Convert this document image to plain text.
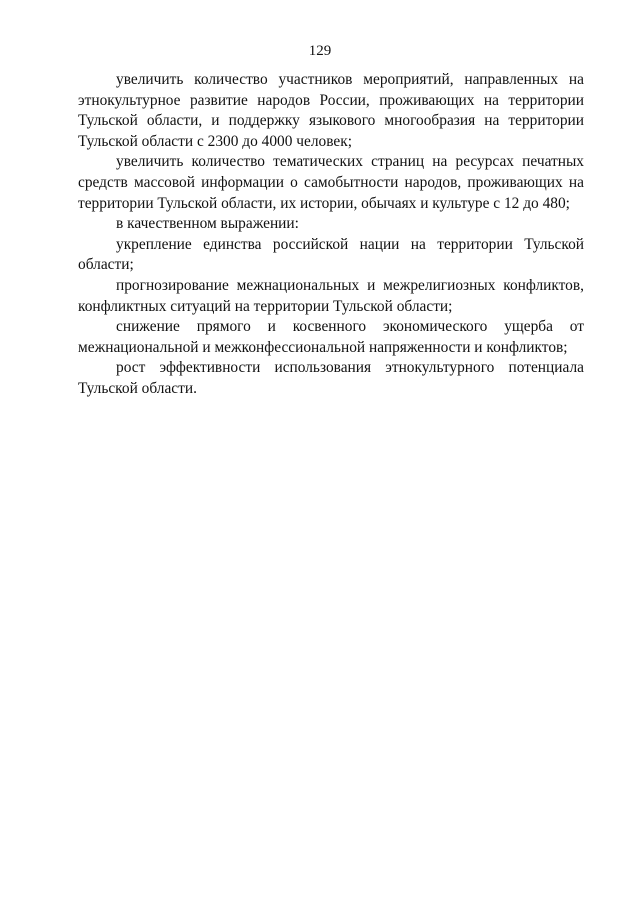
129

увеличить количество участников мероприятий, направленных на этнокультурное развитие народов России, проживающих на территории Тульской области, и поддержку языкового многообразия на территории Тульской области с 2300 до 4000 человек;

увеличить количество тематических страниц на ресурсах печатных средств массовой информации о самобытности народов, проживающих на территории Тульской области, их истории, обычаях и культуре с 12 до 480;

в качественном выражении:

укрепление единства российской нации на территории Тульской области;

прогнозирование межнациональных и межрелигиозных конфликтов, конфликтных ситуаций на территории Тульской области;

снижение прямого и косвенного экономического ущерба от межнациональной и межконфессиональной напряженности и конфликтов;

рост эффективности использования этнокультурного потенциала Тульской области.
